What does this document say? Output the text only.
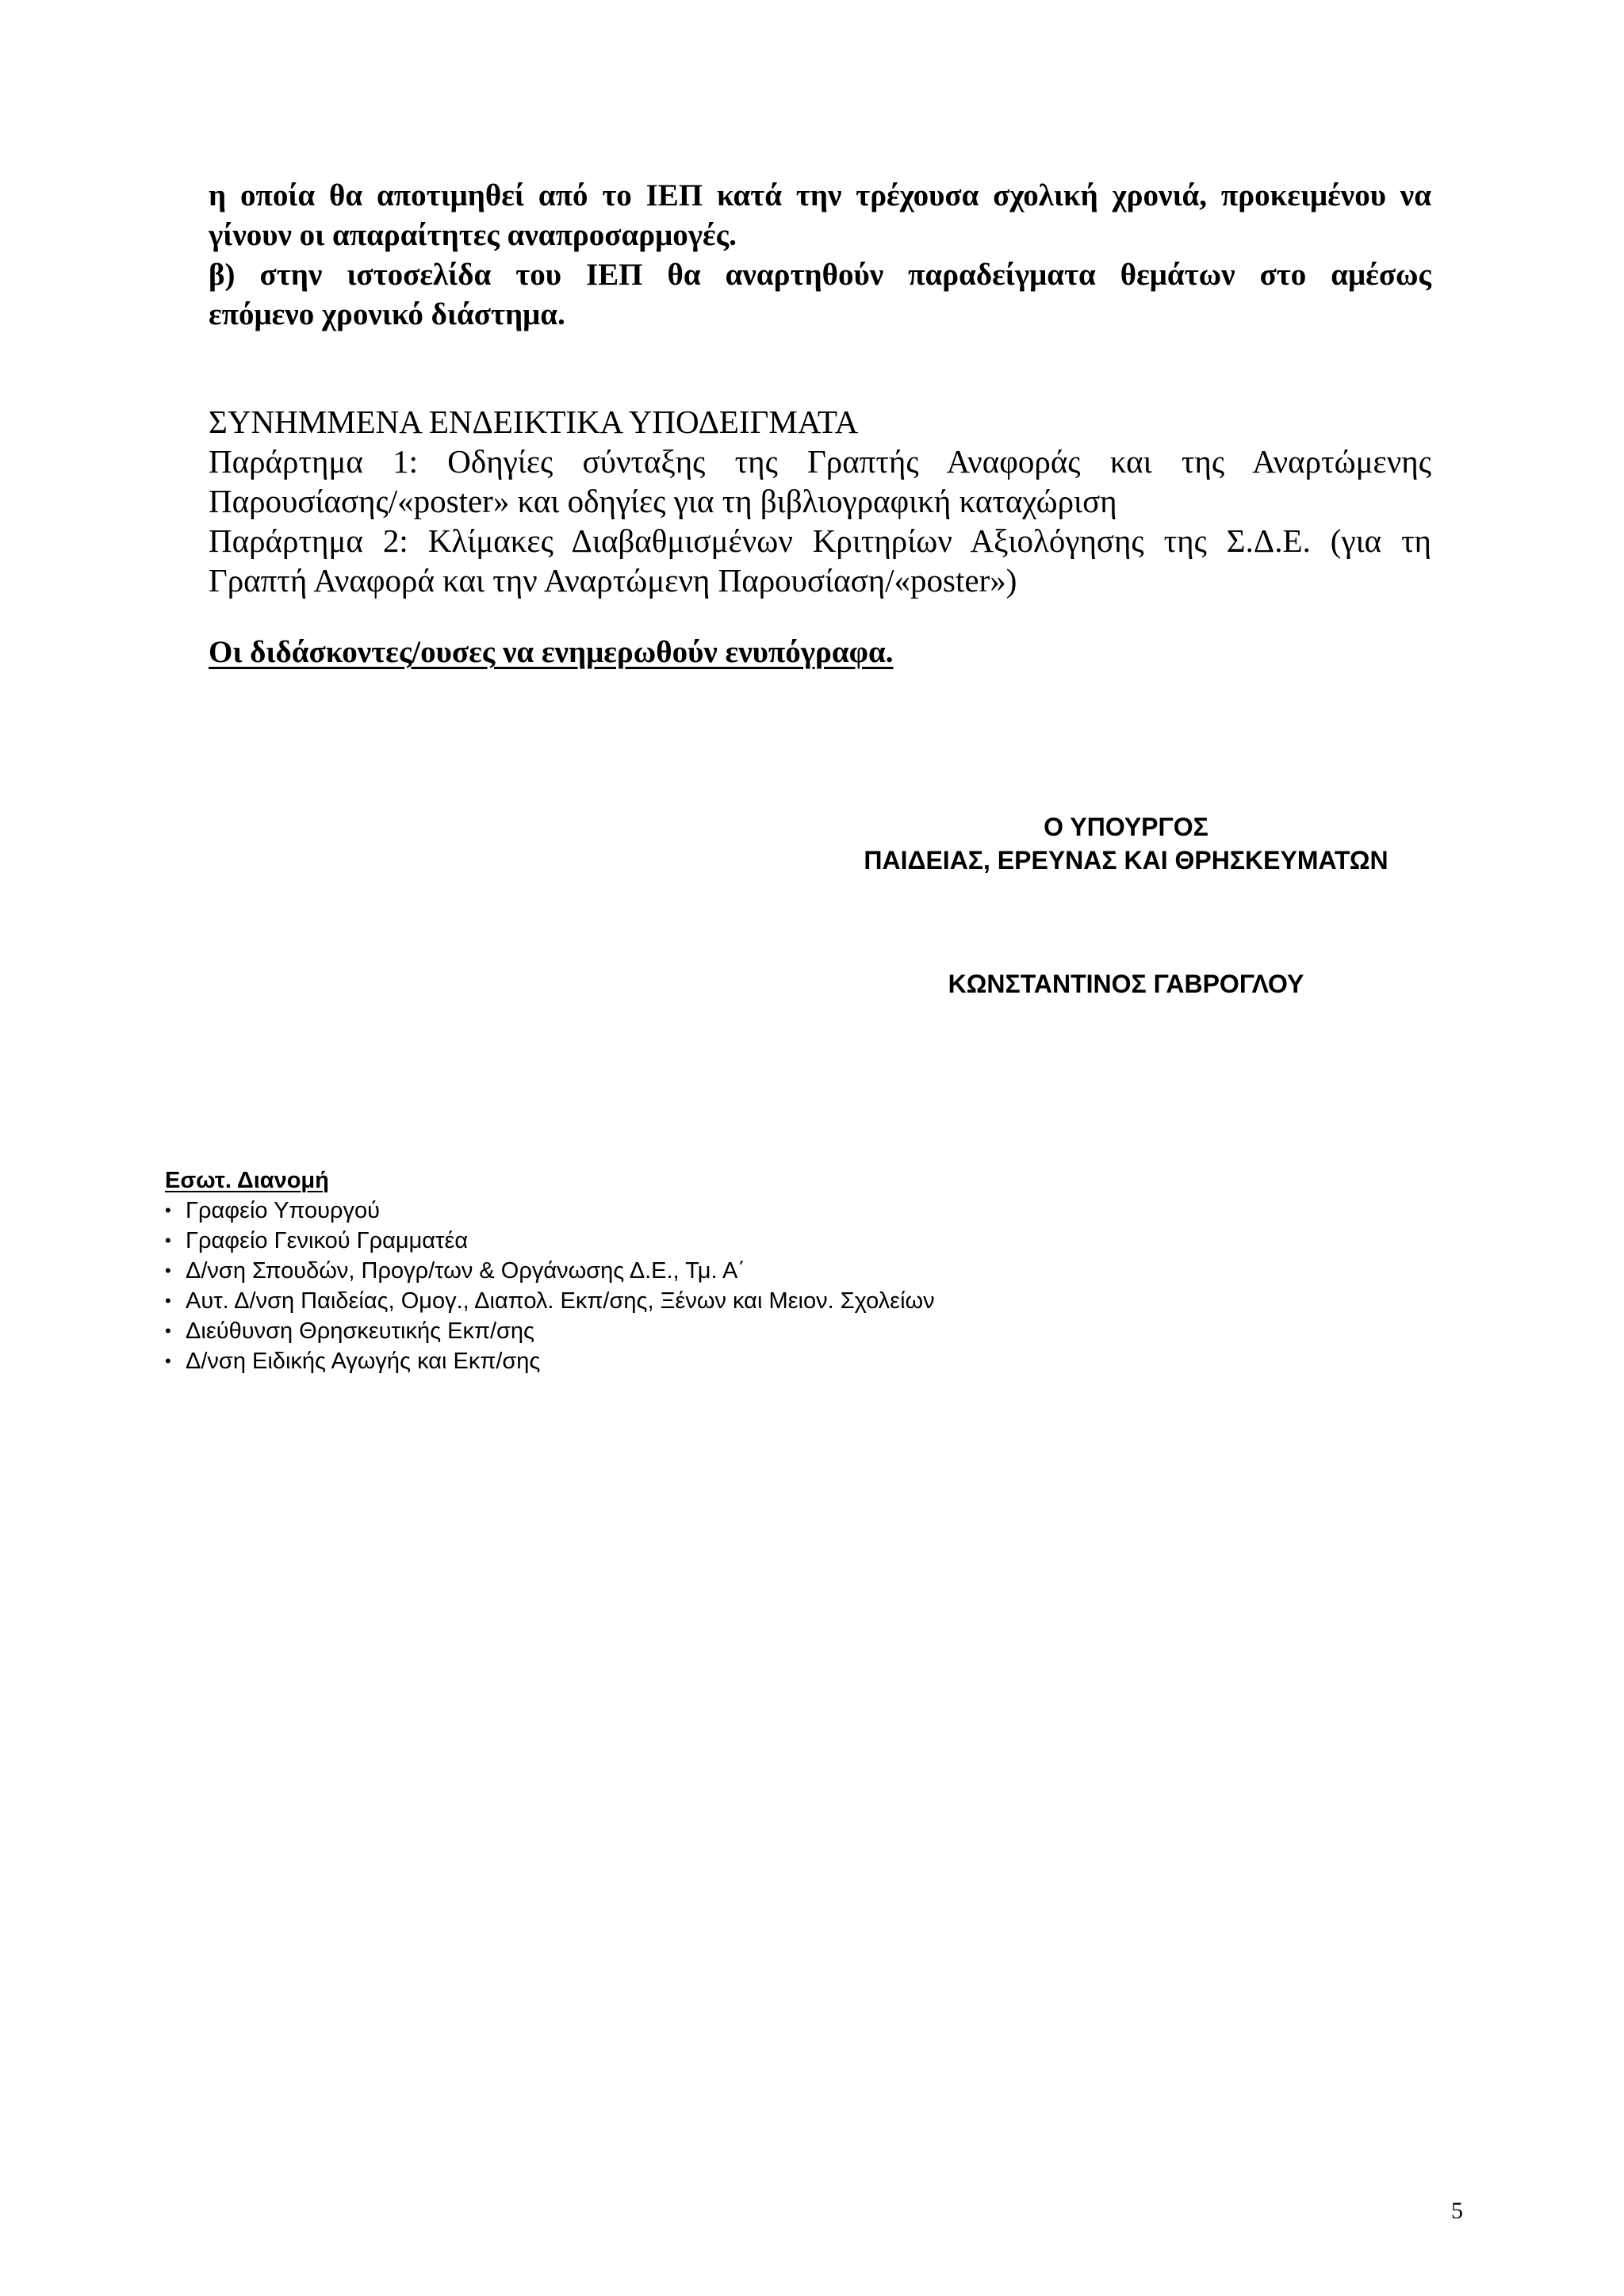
η οποία θα αποτιμηθεί από το ΙΕΠ κατά την τρέχουσα σχολική χρονιά, προκειμένου να
γίνουν οι απαραίτητες αναπροσαρμογές.
β) στην ιστοσελίδα του ΙΕΠ θα αναρτηθούν παραδείγματα θεμάτων στο αμέσως
επόμενο χρονικό διάστημα.
ΣΥΝΗΜΜΕΝΑ ΕΝΔΕΙΚΤΙΚΑ ΥΠΟΔΕΙΓΜΑΤΑ
Παράρτημα 1: Οδηγίες σύνταξης της Γραπτής Αναφοράς και της Αναρτώμενης
Παρουσίασης/«poster» και οδηγίες για τη βιβλιογραφική καταχώριση
Παράρτημα 2: Κλίμακες Διαβαθμισμένων Κριτηρίων Αξιολόγησης της Σ.Δ.Ε. (για τη
Γραπτή Αναφορά και την Αναρτώμενη Παρουσίαση/«poster»)
Οι διδάσκοντες/ουσες να ενημερωθούν ενυπόγραφα.
Ο ΥΠΟΥΡΓΟΣ
ΠΑΙΔΕΙΑΣ, ΕΡΕΥΝΑΣ ΚΑΙ ΘΡΗΣΚΕΥΜΑΤΩΝ
ΚΩΝΣΤΑΝΤΙΝΟΣ ΓΑΒΡΟΓΛΟΥ
Εσωτ. Διανομή
• Γραφείο Υπουργού
• Γραφείο Γενικού Γραμματέα
• Δ/νση Σπουδών, Προγρ/των & Οργάνωσης Δ.Ε., Τμ. Α΄
• Αυτ. Δ/νση Παιδείας, Ομογ., Διαπολ. Εκπ/σης, Ξένων και Μειον. Σχολείων
• Διεύθυνση Θρησκευτικής Εκπ/σης
• Δ/νση Ειδικής Αγωγής και Εκπ/σης
5
